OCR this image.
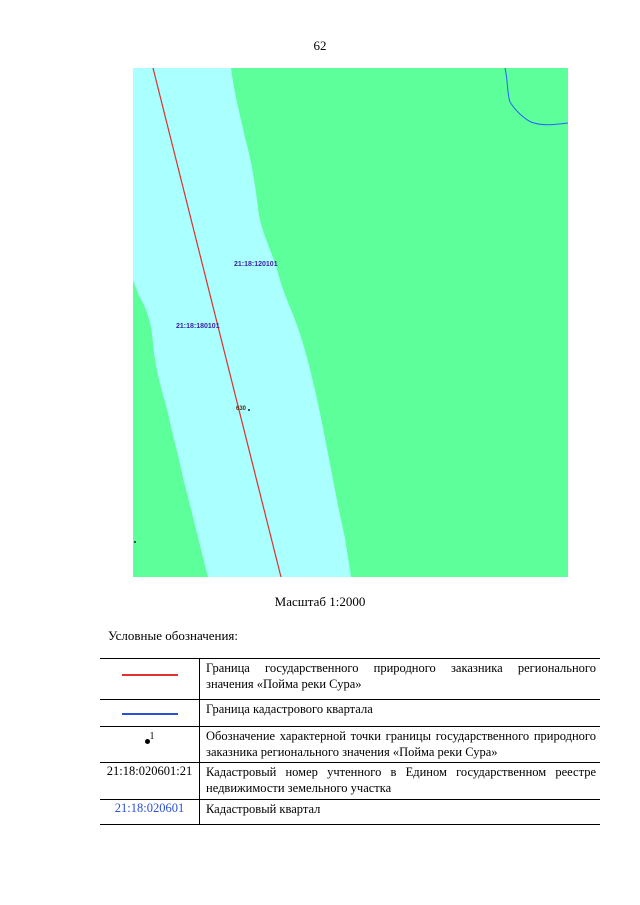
62
21:18:120101
21:18:180101
630
Масштаб 1:2000
Условные обозначения:
	Граница государственного природного заказника регионального значения «Пойма реки Сура»

	Граница кадастрового квартала
$^1$	Обозначение характерной точки границы государственного природного заказника регионального значения «Пойма реки Сура»

21:18:020601:21	Кадастровый номер учтенного в Едином государственном реестре недвижимости земельного участка

21:18:020601	Кадастровый квартал
